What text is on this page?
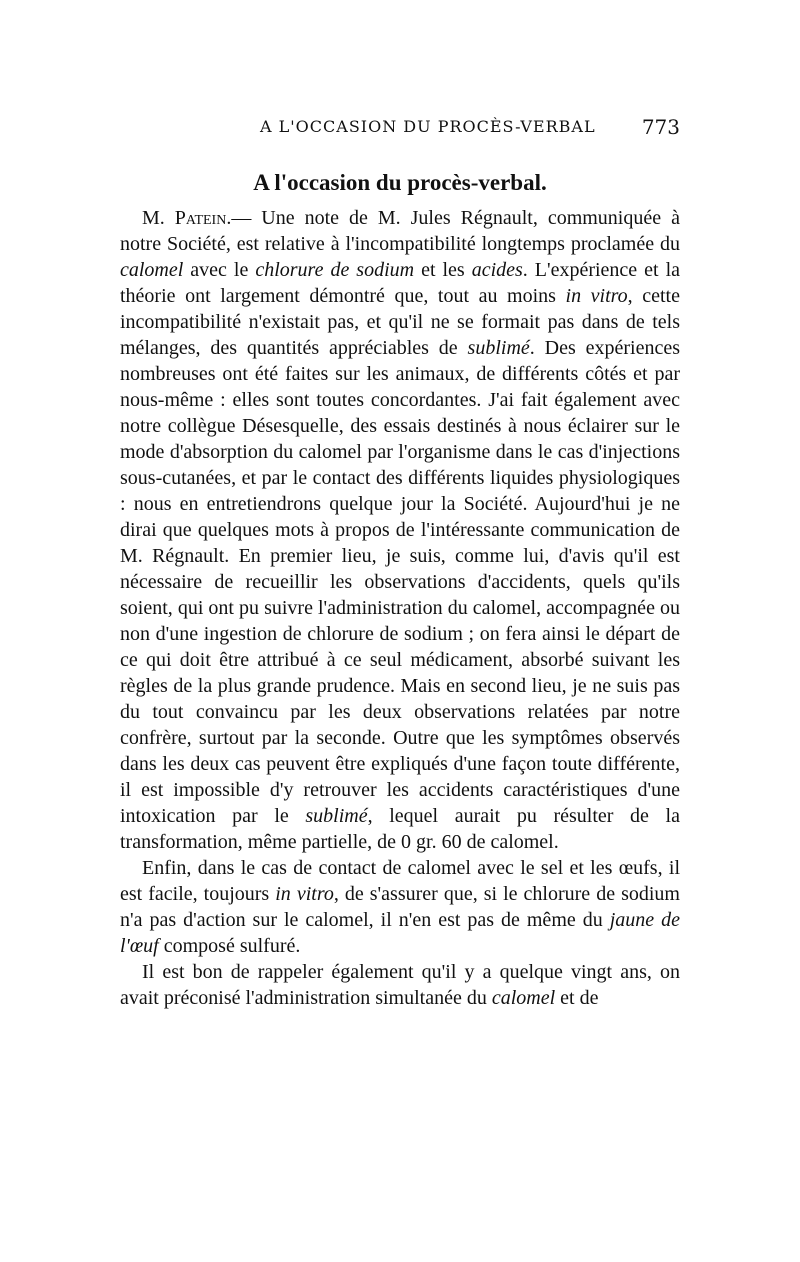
A L'OCCASION DU PROCÈS-VERBAL 773
A l'occasion du procès-verbal.

M. Patein.— Une note de M. Jules Régnault, communiquée à notre Société, est relative à l'incompatibilité longtemps proclamée du calomel avec le chlorure de sodium et les acides. L'expérience et la théorie ont largement démontré que, tout au moins in vitro, cette incompatibilité n'existait pas, et qu'il ne se formait pas dans de tels mélanges, des quantités appréciables de sublimé. Des expériences nombreuses ont été faites sur les animaux, de différents côtés et par nous-même : elles sont toutes concordantes. J'ai fait également avec notre collègue Désesquelle, des essais destinés à nous éclairer sur le mode d'absorption du calomel par l'organisme dans le cas d'injections sous-cutanées, et par le contact des différents liquides physiologiques : nous en entretiendrons quelque jour la Société. Aujourd'hui je ne dirai que quelques mots à propos de l'intéressante communication de M. Régnault. En premier lieu, je suis, comme lui, d'avis qu'il est nécessaire de recueillir les observations d'accidents, quels qu'ils soient, qui ont pu suivre l'administration du calomel, accompagnée ou non d'une ingestion de chlorure de sodium ; on fera ainsi le départ de ce qui doit être attribué à ce seul médicament, absorbé suivant les règles de la plus grande prudence. Mais en second lieu, je ne suis pas du tout convaincu par les deux observations relatées par notre confrère, surtout par la seconde. Outre que les symptômes observés dans les deux cas peuvent être expliqués d'une façon toute différente, il est impossible d'y retrouver les accidents caractéristiques d'une intoxication par le sublimé, lequel aurait pu résulter de la transformation, même partielle, de 0 gr. 60 de calomel.

Enfin, dans le cas de contact de calomel avec le sel et les œufs, il est facile, toujours in vitro, de s'assurer que, si le chlorure de sodium n'a pas d'action sur le calomel, il n'en est pas de même du jaune de l'œuf composé sulfuré.

Il est bon de rappeler également qu'il y a quelque vingt ans, on avait préconisé l'administration simultanée du calomel et de
